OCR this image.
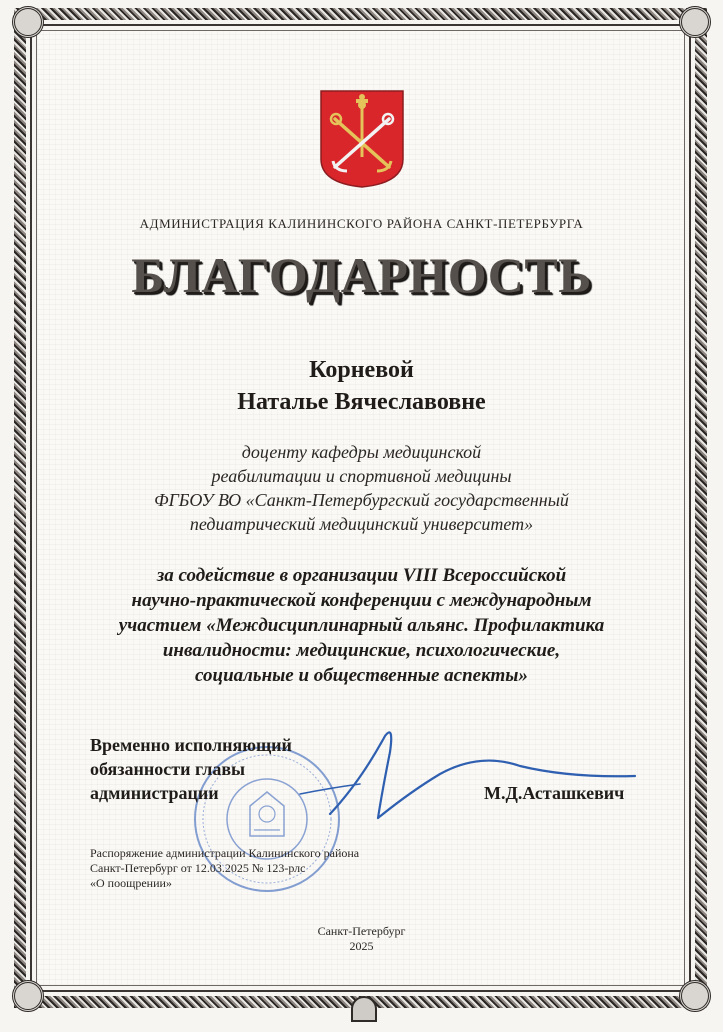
АДМИНИСТРАЦИЯ КАЛИНИНСКОГО РАЙОНА САНКТ-ПЕТЕРБУРГА
БЛАГОДАРНОСТЬ
Корневой
Наталье Вячеславовне
доценту кафедры медицинской
реабилитации и спортивной медицины
ФГБОУ ВО «Санкт-Петербургский государственный
педиатрический медицинский университет»
за содействие в организации VIII Всероссийской
научно-практической конференции с международным
участием «Междисциплинарный альянс. Профилактика
инвалидности: медицинские, психологические,
социальные и общественные аспекты»
Временно исполняющий
обязанности главы
администрации	М.Д.Асташкевич
Распоряжение администрации Калининского района
Санкт-Петербург от 12.03.2025 № 123-рлс
«О поощрении»
Санкт-Петербург
2025
